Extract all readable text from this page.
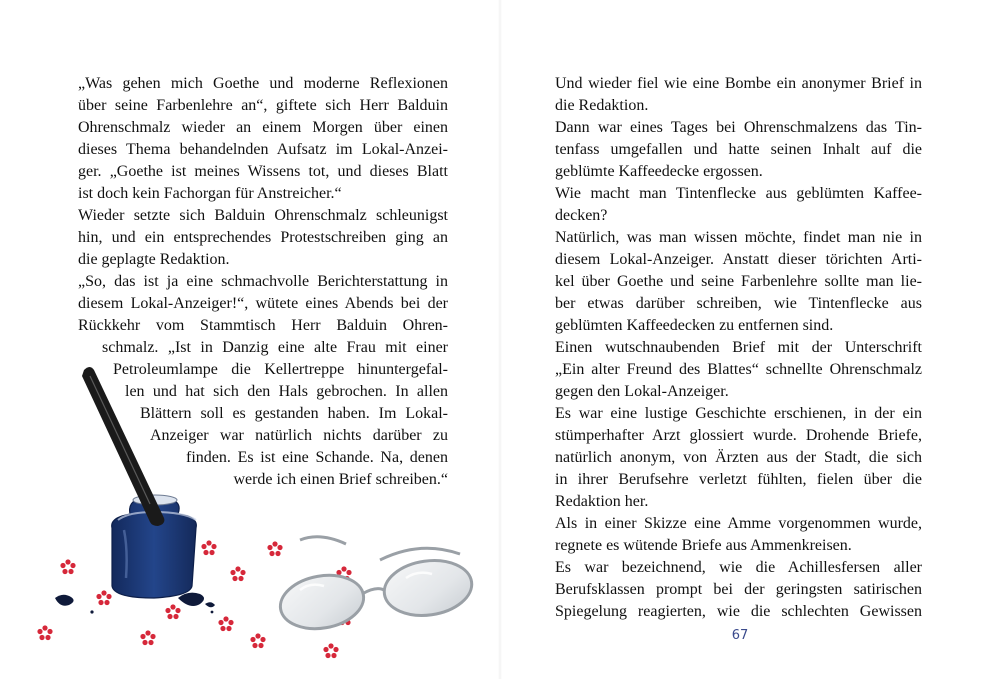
„Was gehen mich Goethe und moderne Reflexionen
über seine Farbenlehre an“, giftete sich Herr Balduin
Ohrenschmalz wieder an einem Morgen über einen
dieses Thema behandelnden Aufsatz im Lokal-Anzei-
ger. „Goethe ist meines Wissens tot, und dieses Blatt
ist doch kein Fachorgan für Anstreicher.“
Wieder setzte sich Balduin Ohrenschmalz schleunigst
hin, und ein entsprechendes Protestschreiben ging an
die geplagte Redaktion.
„So, das ist ja eine schmachvolle Berichterstattung in
diesem Lokal-Anzeiger!“, wütete eines Abends bei der
Rückkehr vom Stammtisch Herr Balduin Ohren-
schmalz. „Ist in Danzig eine alte Frau mit einer
Petroleumlampe die Kellertreppe hinuntergefal-
len und hat sich den Hals gebrochen. In allen
Blättern soll es gestanden haben. Im Lokal-
Anzeiger war natürlich nichts darüber zu
finden. Es ist eine Schande. Na, denen
werde ich einen Brief schreiben.“
Und wieder fiel wie eine Bombe ein anonymer Brief in
die Redaktion.
Dann war eines Tages bei Ohrenschmalzens das Tin-
tenfass umgefallen und hatte seinen Inhalt auf die
geblümte Kaffeedecke ergossen.
Wie macht man Tintenflecke aus geblümten Kaffee-
decken?
Natürlich, was man wissen möchte, findet man nie in
diesem Lokal-Anzeiger. Anstatt dieser törichten Arti-
kel über Goethe und seine Farbenlehre sollte man lie-
ber etwas darüber schreiben, wie Tintenflecke aus
geblümten Kaffeedecken zu entfernen sind.
Einen wutschnaubenden Brief mit der Unterschrift
„Ein alter Freund des Blattes“ schnellte Ohrenschmalz
gegen den Lokal-Anzeiger.
Es war eine lustige Geschichte erschienen, in der ein
stümperhafter Arzt glossiert wurde. Drohende Briefe,
natürlich anonym, von Ärzten aus der Stadt, die sich
in ihrer Berufsehre verletzt fühlten, fielen über die
Redaktion her.
Als in einer Skizze eine Amme vorgenommen wurde,
regnete es wütende Briefe aus Ammenkreisen.
Es war bezeichnend, wie die Achillesfersen aller
Berufsklassen prompt bei der geringsten satirischen
Spiegelung reagierten, wie die schlechten Gewissen
67
